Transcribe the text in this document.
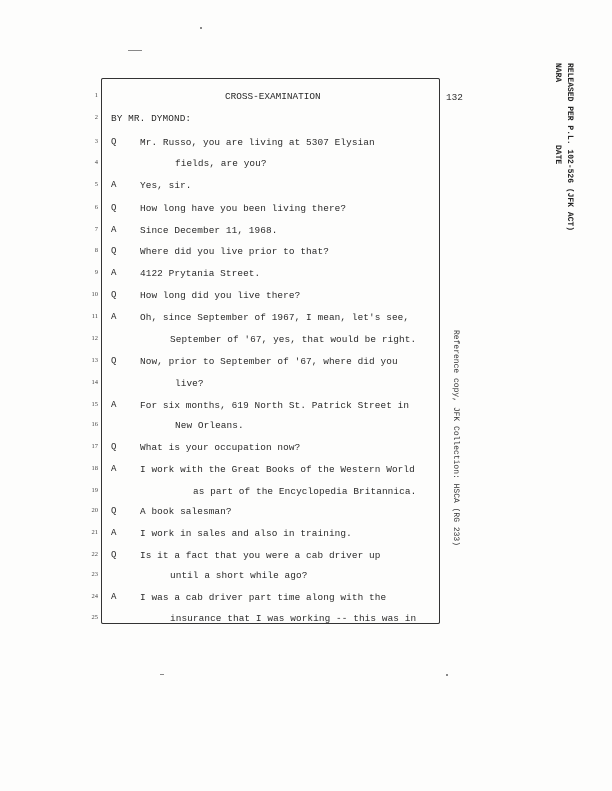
CROSS-EXAMINATION	132	RELEASED PER P.L. 102-526 (JFK ACT)
NARA
DATE
Reference copy, JFK Collection: HSCA (RG 233)
1
2 BY MR. DYMOND:
3 Q	Mr. Russo, you are living at 5307 Elysian
4	fields, are you?
5 A	Yes, sir.
6 Q	How long have you been living there?
7 A	Since December 11, 1968.
8 Q	Where did you live prior to that?
9 A	4122 Prytania Street.
10 Q	How long did you live there?
11 A	Oh, since September of 1967, I mean, let's see,
12	September of '67, yes, that would be right.
13 Q	Now, prior to September of '67, where did you
14	live?
15 A	For six months, 619 North St. Patrick Street in
16	New Orleans.
17 Q	What is your occupation now?
18 A	I work with the Great Books of the Western World
19	as part of the Encyclopedia Britannica.
20 Q	A book salesman?
21 A	I work in sales and also in training.
22 Q	Is it a fact that you were a cab driver up
23	until a short while ago?
24 A	I was a cab driver part time along with the
25	insurance that I was working -- this was in
